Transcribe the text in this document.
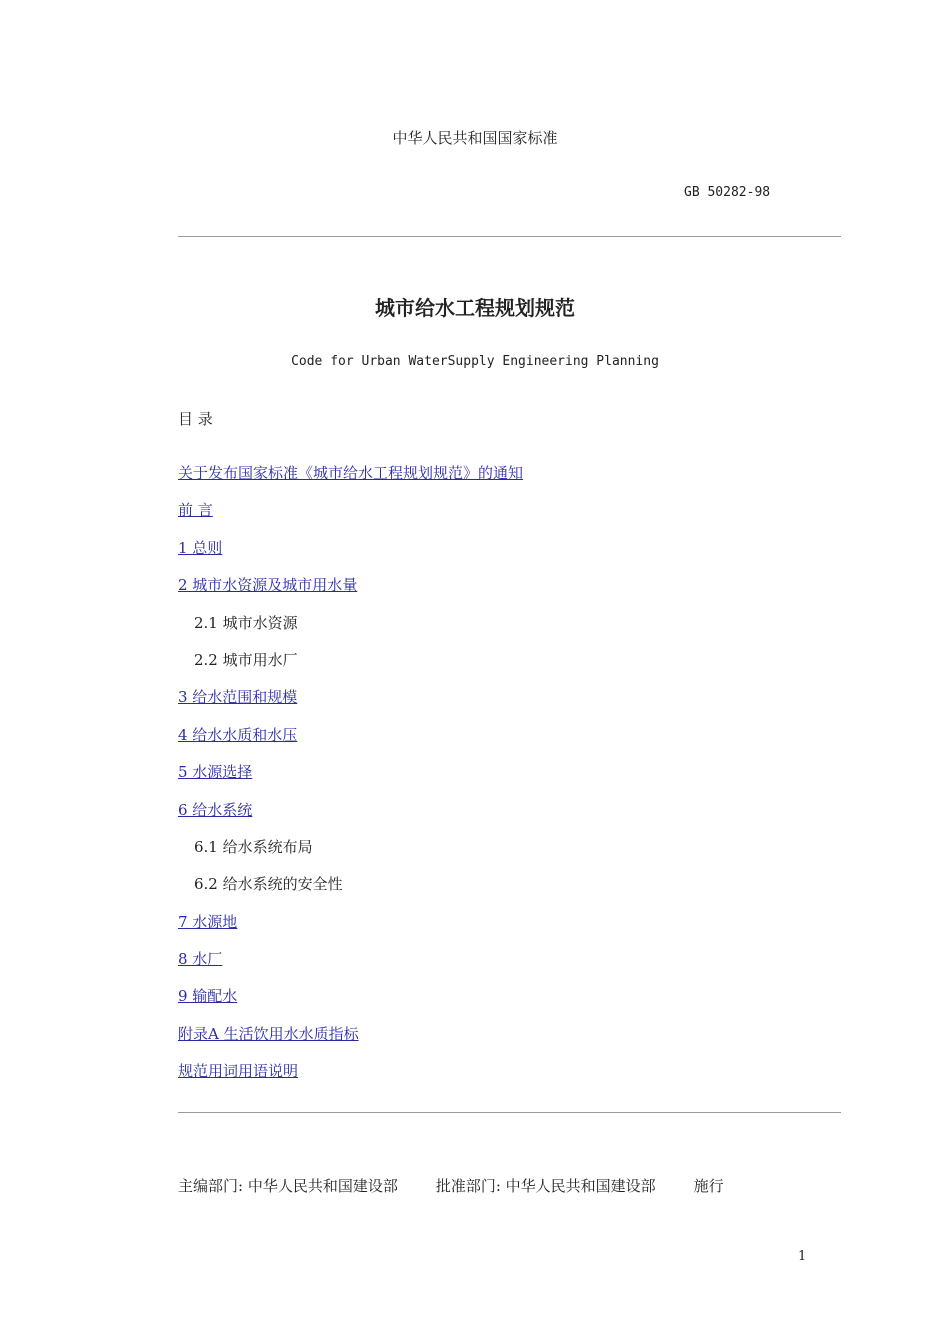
中华人民共和国国家标准
GB 50282-98
城市给水工程规划规范
Code for Urban WaterSupply Engineering Planning
目 录
关于发布国家标准《城市给水工程规划规范》的通知
前 言
1 总则
2 城市水资源及城市用水量
2.1 城市水资源
2.2 城市用水厂
3 给水范围和规模
4 给水水质和水压
5 水源选择
6 给水系统
6.1 给水系统布局
6.2 给水系统的安全性
7 水源地
8 水厂
9 输配水
附录A 生活饮用水水质指标
规范用词用语说明
主编部门: 中华人民共和国建设部	批准部门: 中华人民共和国建设部	施行
1
